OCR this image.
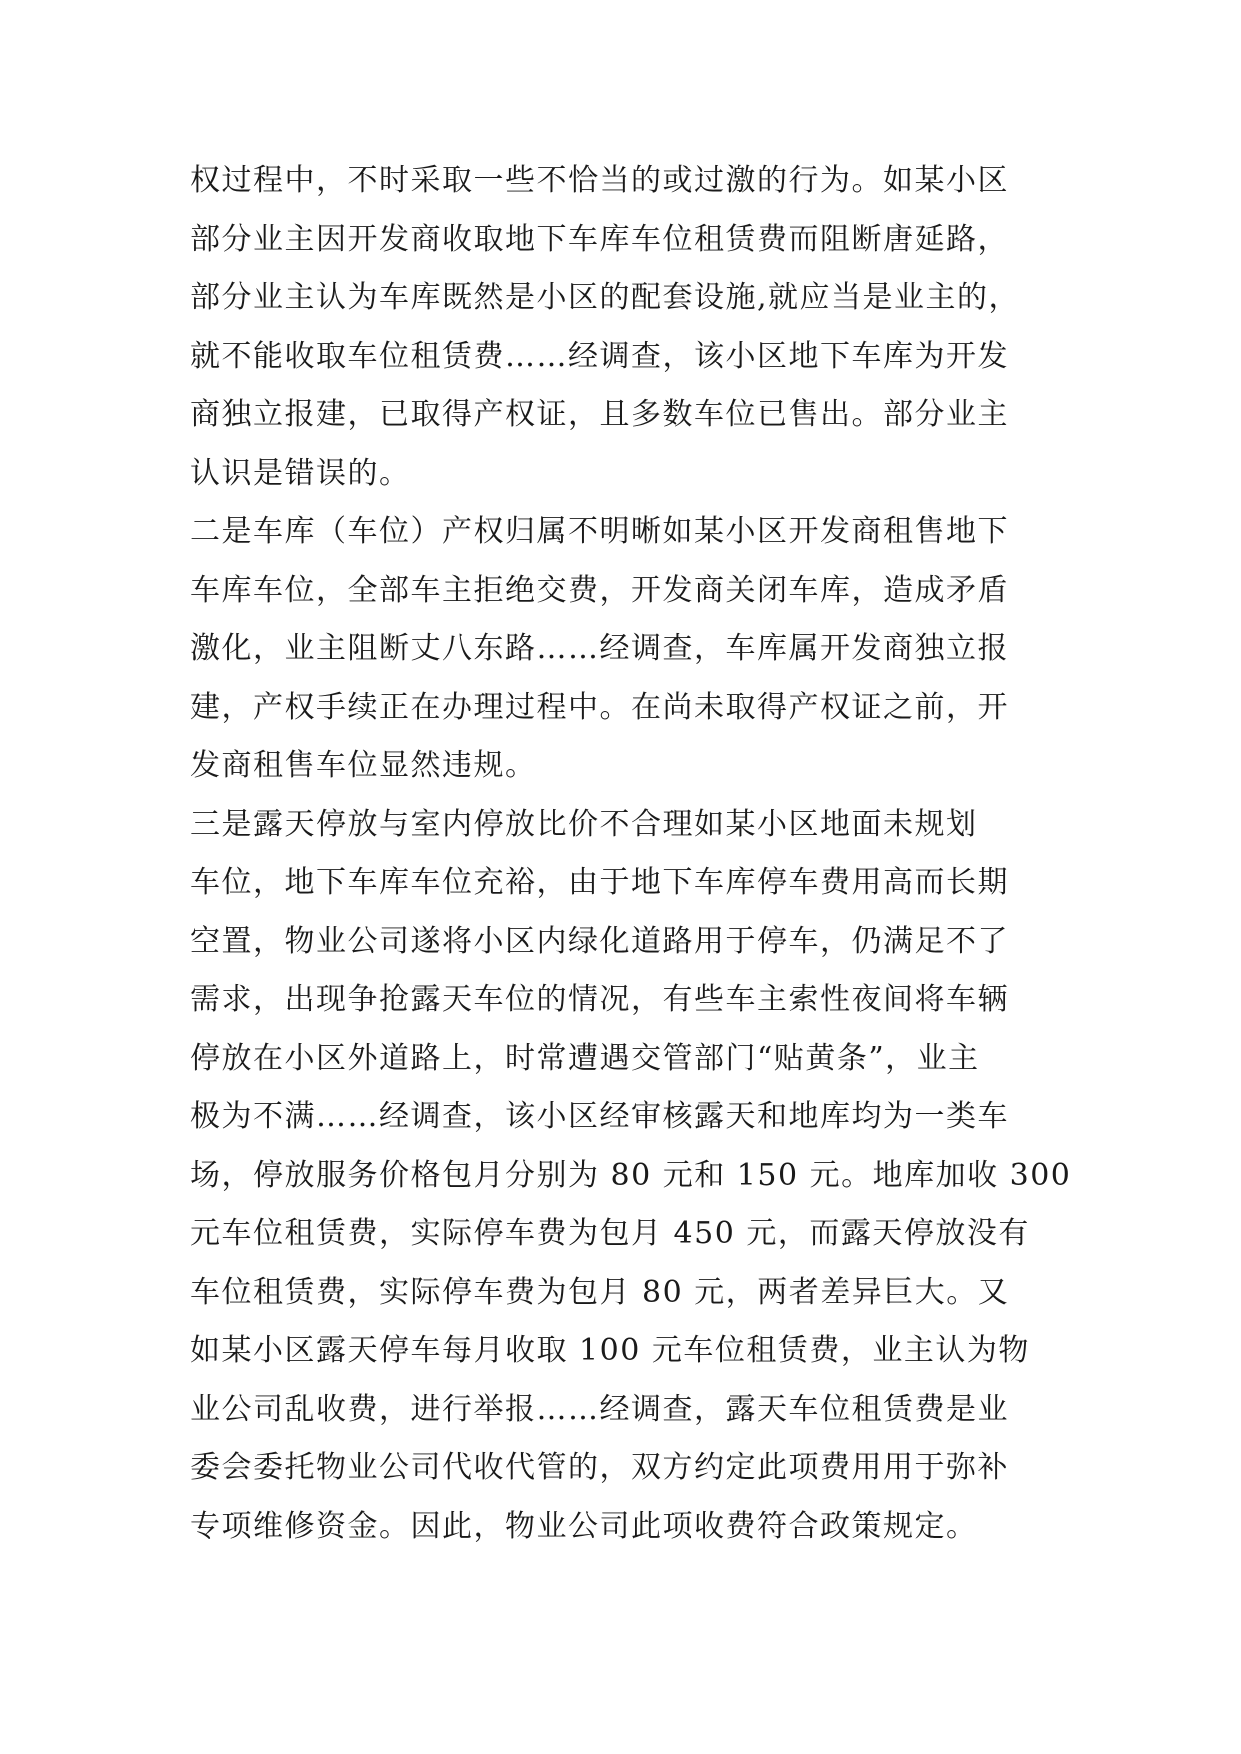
权过程中，不时采取一些不恰当的或过激的行为。如某小区
部分业主因开发商收取地下车库车位租赁费而阻断唐延路，
部分业主认为车库既然是小区的配套设施,就应当是业主的，
就不能收取车位租赁费……经调查，该小区地下车库为开发
商独立报建，已取得产权证，且多数车位已售出。部分业主
认识是错误的。
二是车库（车位）产权归属不明晰如某小区开发商租售地下
车库车位，全部车主拒绝交费，开发商关闭车库，造成矛盾
激化，业主阻断丈八东路……经调查，车库属开发商独立报
建，产权手续正在办理过程中。在尚未取得产权证之前，开
发商租售车位显然违规。
三是露天停放与室内停放比价不合理如某小区地面未规划
车位，地下车库车位充裕，由于地下车库停车费用高而长期
空置，物业公司遂将小区内绿化道路用于停车，仍满足不了
需求，出现争抢露天车位的情况，有些车主索性夜间将车辆
停放在小区外道路上，时常遭遇交管部门“贴黄条”，业主
极为不满……经调查，该小区经审核露天和地库均为一类车
场，停放服务价格包月分别为 80 元和 150 元。地库加收 300
元车位租赁费，实际停车费为包月 450 元，而露天停放没有
车位租赁费，实际停车费为包月 80 元，两者差异巨大。又
如某小区露天停车每月收取 100 元车位租赁费，业主认为物
业公司乱收费，进行举报……经调查，露天车位租赁费是业
委会委托物业公司代收代管的，双方约定此项费用用于弥补
专项维修资金。因此，物业公司此项收费符合政策规定。
